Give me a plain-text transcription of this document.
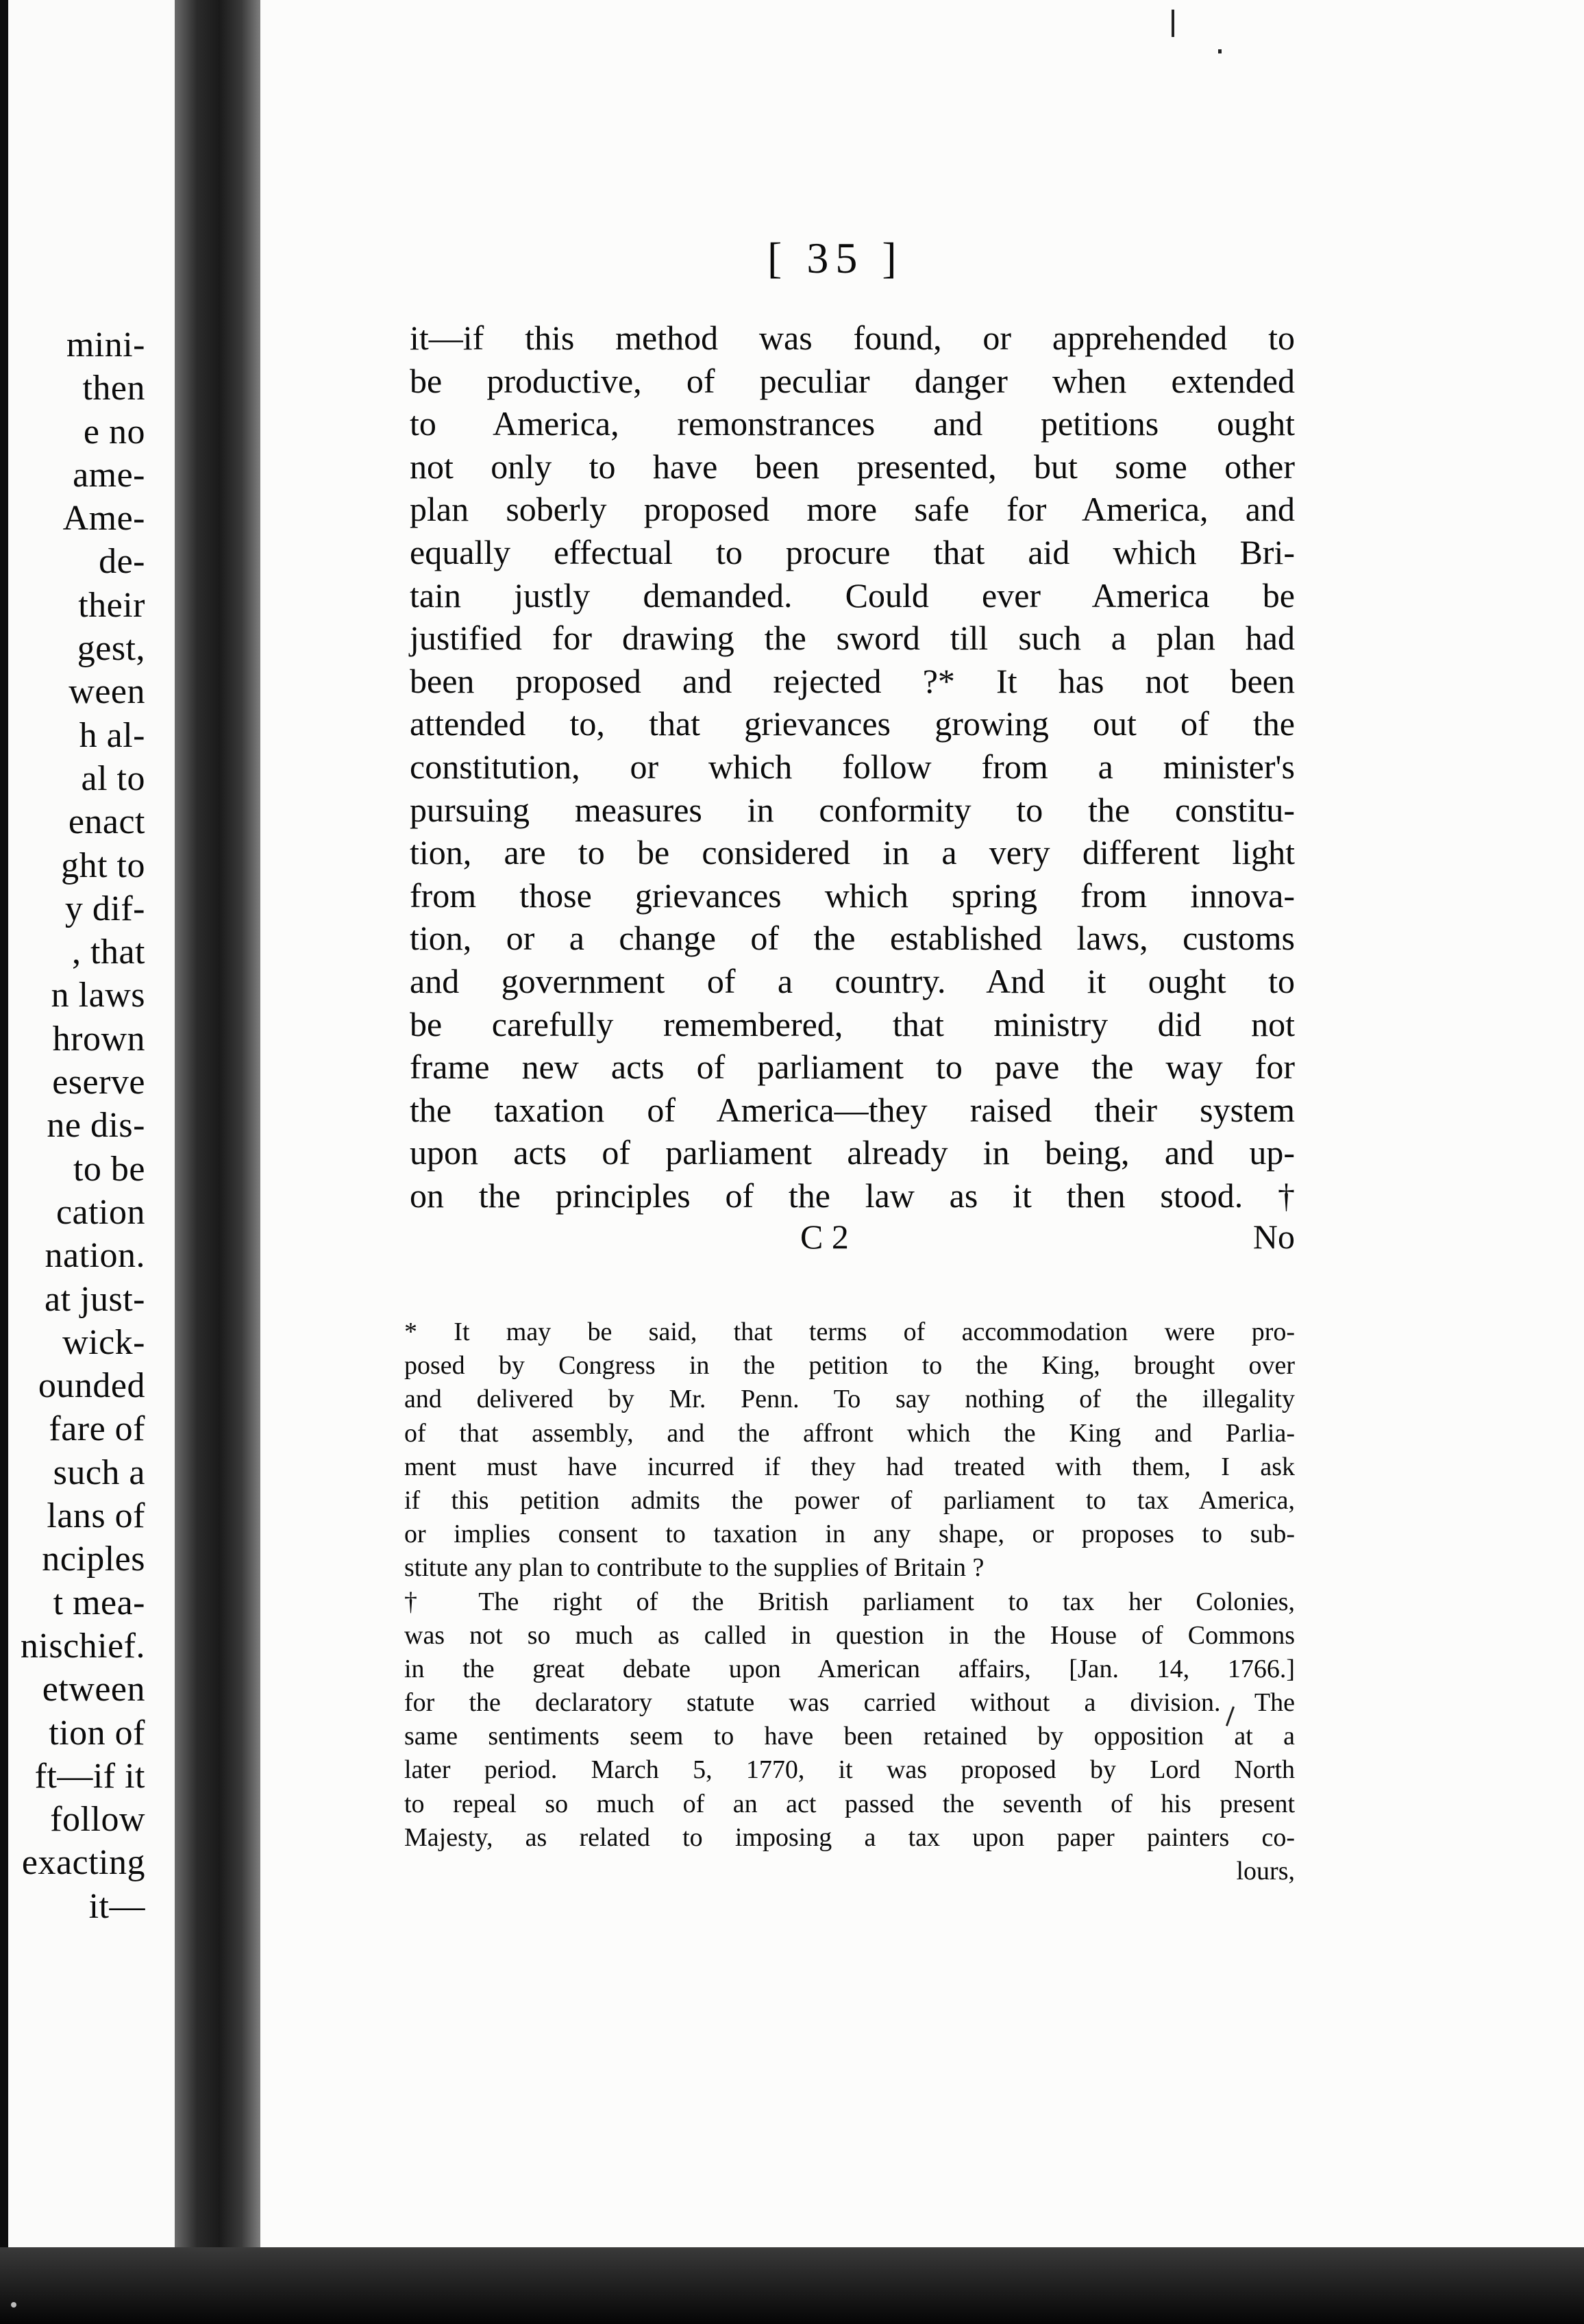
mini-
then
e no
ame-
Ame-
de-
their
gest,
ween
h al-
al to
enact
ght to
y dif-
, that
n laws
hrown
eserve
ne dis-
to be
cation
nation.
at just-
wick-
ounded
fare of
such a
lans of
nciples
t mea-
nischief.
etween
tion of
ft—if it
follow
exacting
it—
[ 35 ]
it—if this method was found, or apprehended to
be productive, of peculiar danger when extended
to America, remonstrances and petitions ought
not only to have been presented, but some other
plan soberly proposed more safe for America, and
equally effectual to procure that aid which Bri-
tain justly demanded. Could ever America be
justified for drawing the sword till such a plan had
been proposed and rejected ?* It has not been
attended to, that grievances growing out of the
constitution, or which follow from a minister's
pursuing measures in conformity to the constitu-
tion, are to be considered in a very different light
from those grievances which spring from innova-
tion, or a change of the established laws, customs
and government of a country. And it ought to
be carefully remembered, that ministry did not
frame new acts of parliament to pave the way for
the taxation of America—they raised their system
upon acts of parliament already in being, and up-
on the principles of the law as it then stood. †
C 2	No
* It may be said, that terms of accommodation were pro-
posed by Congress in the petition to the King, brought over
and delivered by Mr. Penn. To say nothing of the illegality
of that assembly, and the affront which the King and Parlia-
ment must have incurred if they had treated with them, I ask
if this petition admits the power of parliament to tax America,
or implies consent to taxation in any shape, or proposes to sub-
stitute any plan to contribute to the supplies of Britain ?
† The right of the British parliament to tax her Colonies,
was not so much as called in question in the House of Commons
in the great debate upon American affairs, [Jan. 14, 1766.]
for the declaratory statute was carried without a division. The
same sentiments seem to have been retained by opposition at a
later period. March 5, 1770, it was proposed by Lord North
to repeal so much of an act passed the seventh of his present
Majesty, as related to imposing a tax upon paper painters co-
lours,
